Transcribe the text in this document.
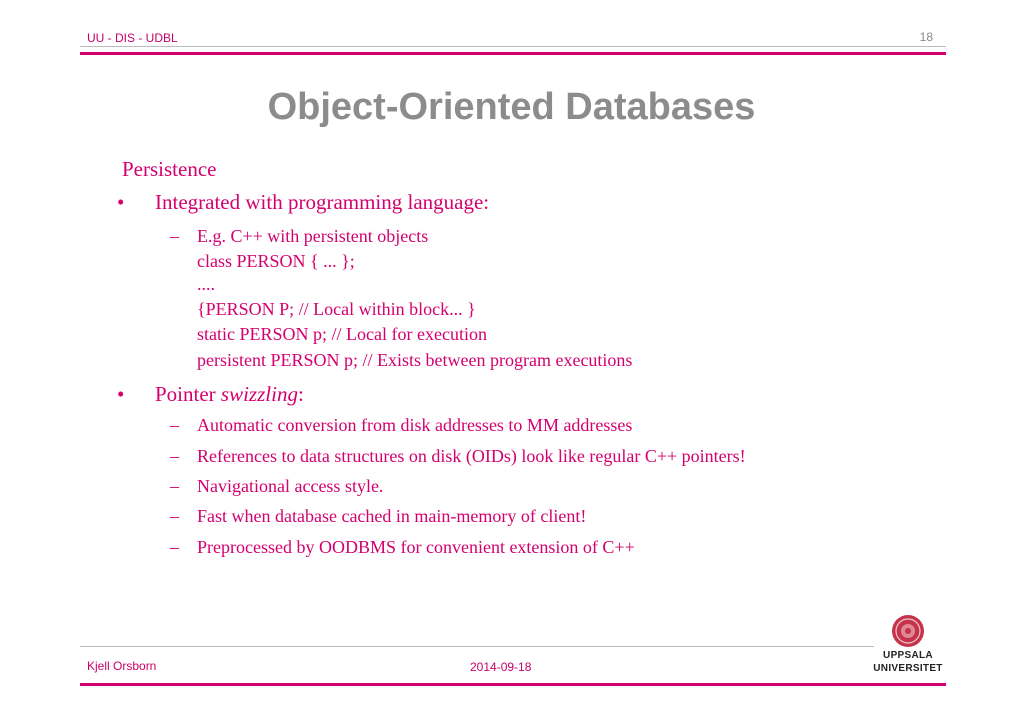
UU - DIS - UDBL	18
Object-Oriented Databases
Persistence
• Integrated with programming language:
– E.g. C++ with persistent objects
class PERSON { ... };
....
{PERSON P; // Local within block... }
static PERSON p; // Local for execution
persistent PERSON p; // Exists between program executions
• Pointer swizzling:
– Automatic conversion from disk addresses to MM addresses
– References to data structures on disk (OIDs) look like regular C++ pointers!
– Navigational access style.
– Fast when database cached in main-memory of client!
– Preprocessed by OODBMS for convenient extension of C++
Kjell Orsborn	2014-09-18
UPPSALA
UNIVERSITET
